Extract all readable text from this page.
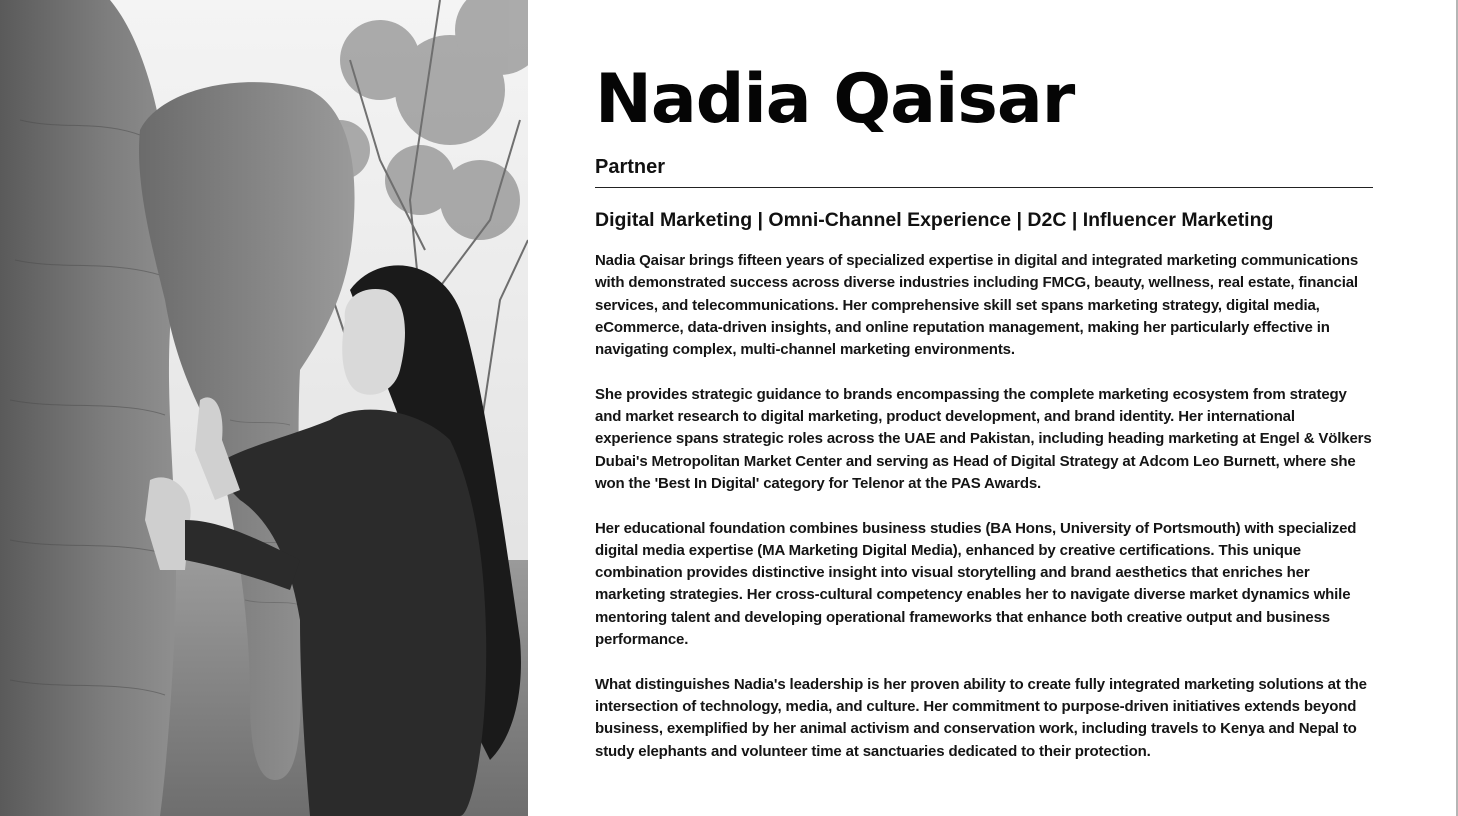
Nadia Qaisar
Partner
Digital Marketing | Omni-Channel Experience | D2C | Influencer Marketing

Nadia Qaisar brings fifteen years of specialized expertise in digital and integrated marketing communications with demonstrated success across diverse industries including FMCG, beauty, wellness, real estate, financial services, and telecommunications. Her comprehensive skill set spans marketing strategy, digital media, eCommerce, data-driven insights, and online reputation management, making her particularly effective in navigating complex, multi-channel marketing environments.

She provides strategic guidance to brands encompassing the complete marketing ecosystem from strategy and market research to digital marketing, product development, and brand identity. Her international experience spans strategic roles across the UAE and Pakistan, including heading marketing at Engel & Völkers Dubai's Metropolitan Market Center and serving as Head of Digital Strategy at Adcom Leo Burnett, where she won the 'Best In Digital' category for Telenor at the PAS Awards.

Her educational foundation combines business studies (BA Hons, University of Portsmouth) with specialized digital media expertise (MA Marketing Digital Media), enhanced by creative certifications. This unique combination provides distinctive insight into visual storytelling and brand aesthetics that enriches her marketing strategies. Her cross-cultural competency enables her to navigate diverse market dynamics while mentoring talent and developing operational frameworks that enhance both creative output and business performance.

What distinguishes Nadia's leadership is her proven ability to create fully integrated marketing solutions at the intersection of technology, media, and culture. Her commitment to purpose-driven initiatives extends beyond business, exemplified by her animal activism and conservation work, including travels to Kenya and Nepal to study elephants and volunteer time at sanctuaries dedicated to their protection.
